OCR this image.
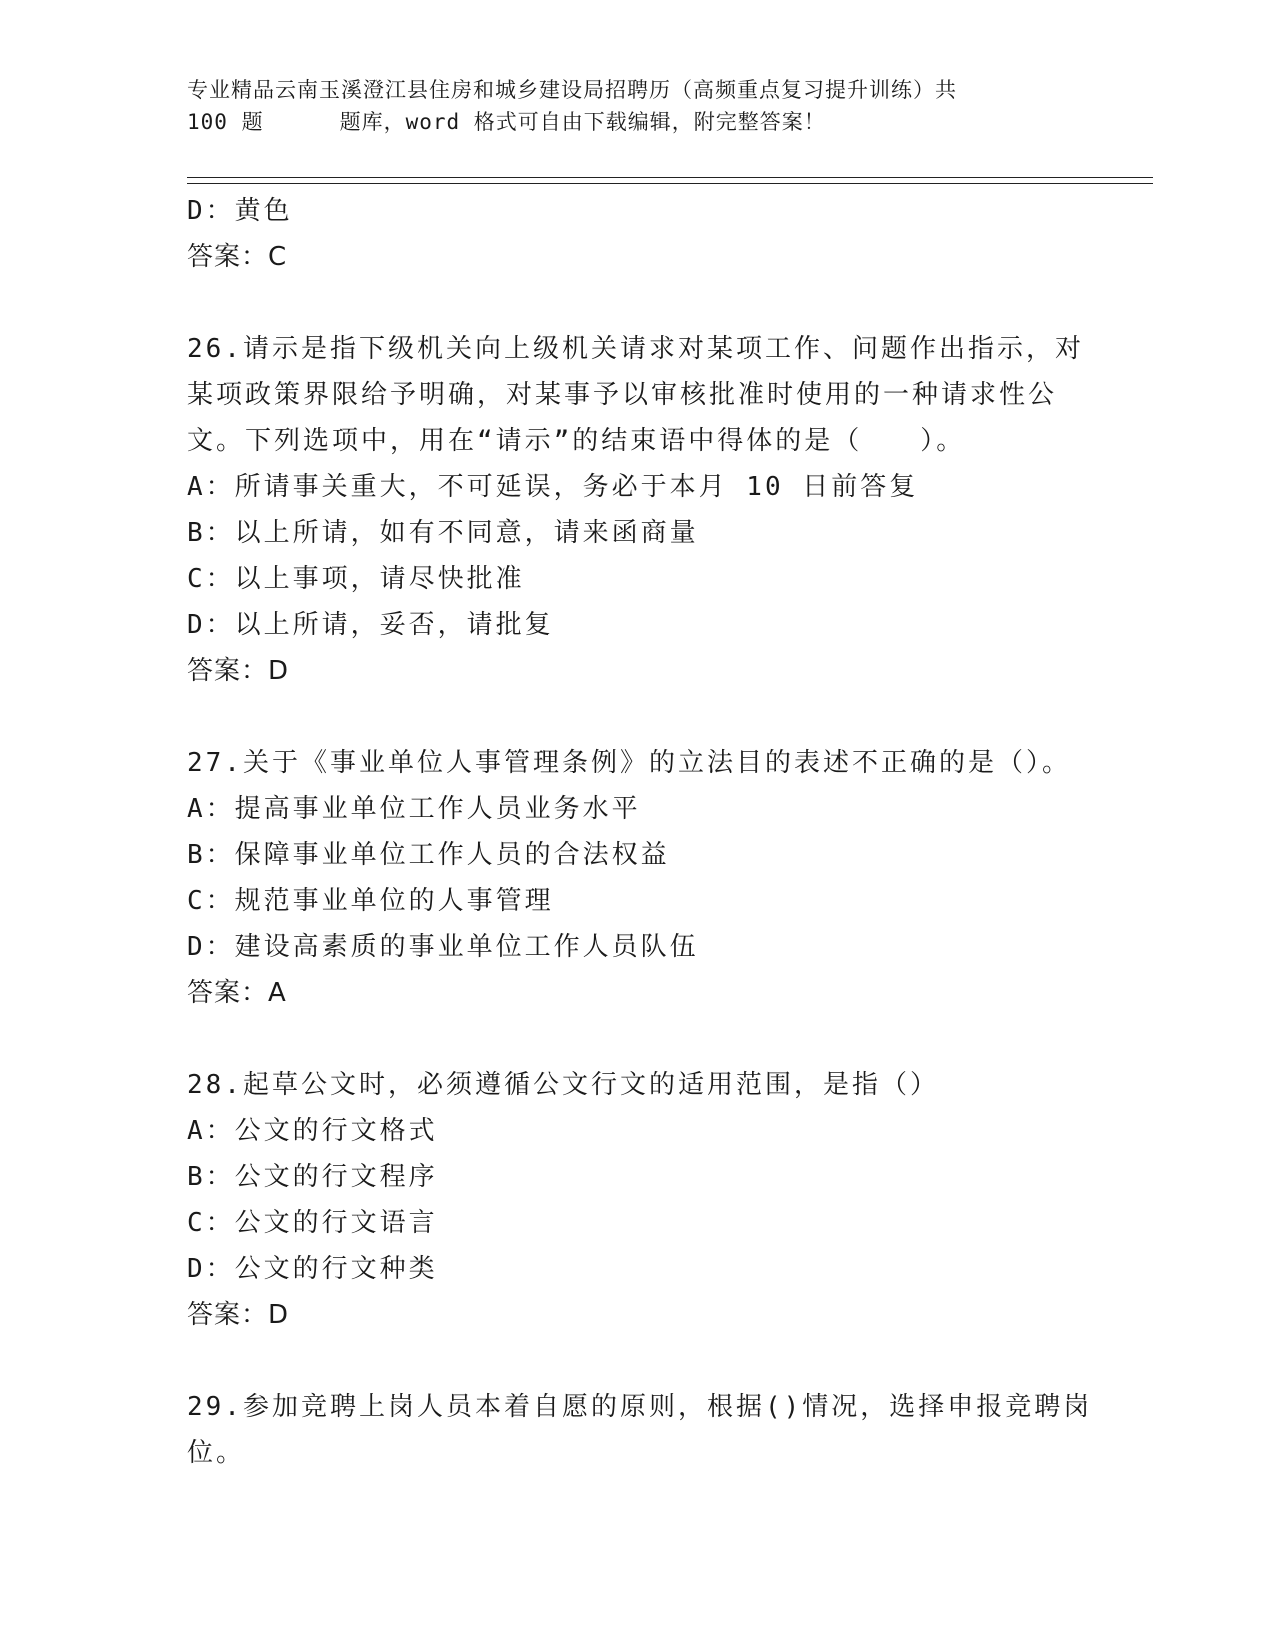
专业精品云南玉溪澄江县住房和城乡建设局招聘历（高频重点复习提升训练）共
100 题	题库，word 格式可自由下载编辑，附完整答案！
D：黄色
答案：C
26.请示是指下级机关向上级机关请求对某项工作、问题作出指示，对
某项政策界限给予明确，对某事予以审核批准时使用的一种请求性公
文。下列选项中，用在“请示”的结束语中得体的是（　　）。
A：所请事关重大，不可延误，务必于本月 10 日前答复
B：以上所请，如有不同意，请来函商量
C：以上事项，请尽快批准
D：以上所请，妥否，请批复
答案：D
27.关于《事业单位人事管理条例》的立法目的表述不正确的是（）。
A：提高事业单位工作人员业务水平
B：保障事业单位工作人员的合法权益
C：规范事业单位的人事管理
D：建设高素质的事业单位工作人员队伍
答案：A
28.起草公文时，必须遵循公文行文的适用范围，是指（）
A：公文的行文格式
B：公文的行文程序
C：公文的行文语言
D：公文的行文种类
答案：D
29.参加竞聘上岗人员本着自愿的原则，根据()情况，选择申报竞聘岗
位。
